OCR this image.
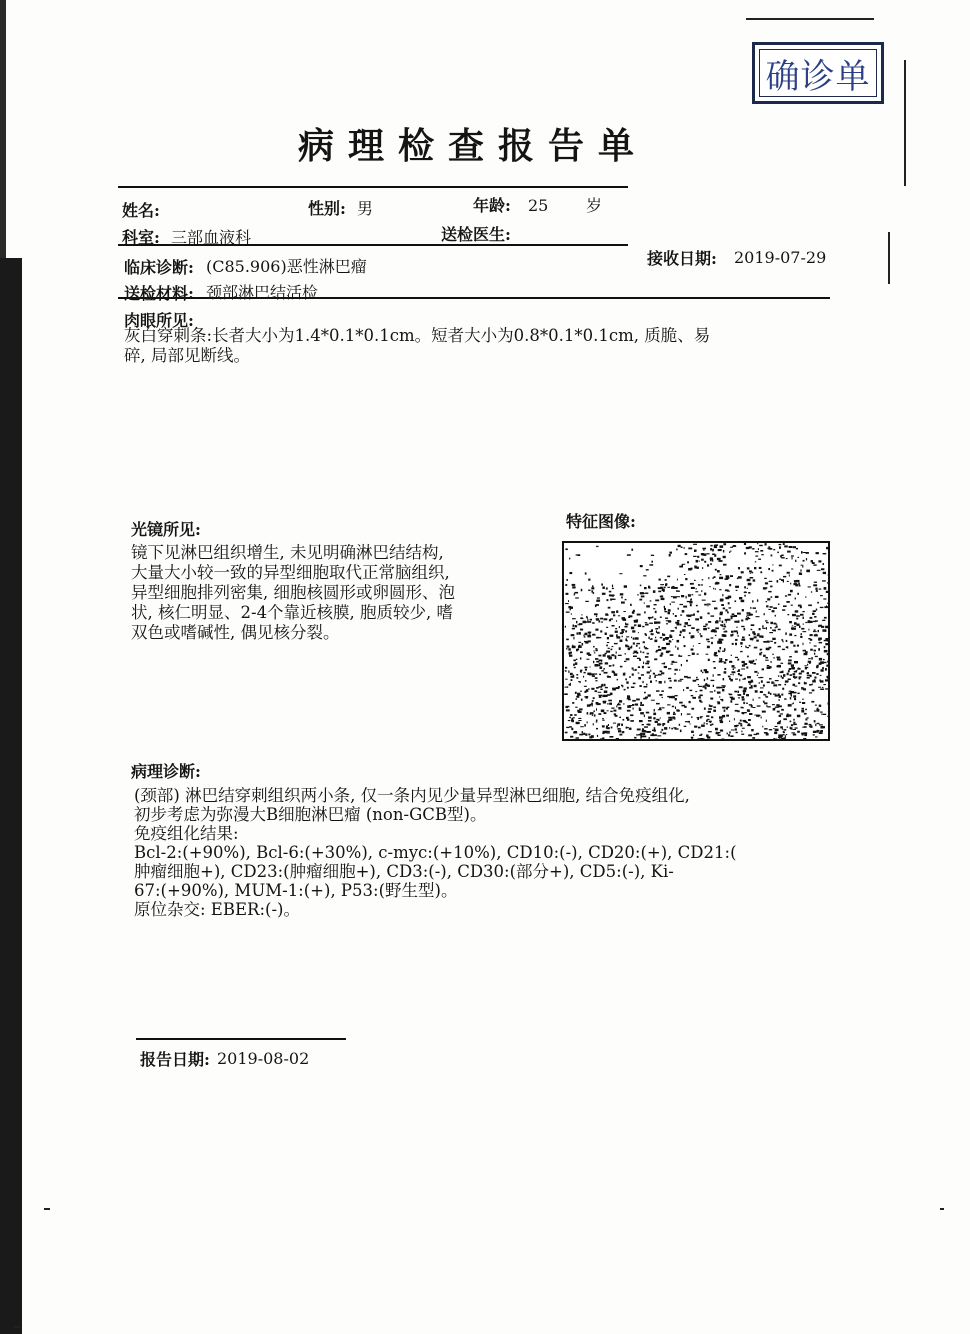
确诊单
病理检查报告单
姓名:	性别: 男	年龄: 25 岁
科室: 三部血液科	送检医生:
临床诊断: (C85.906)恶性淋巴瘤	接收日期: 2019-07-29
送检材料: 颈部淋巴结活检
肉眼所见:
灰白穿刺条:长者大小为1.4*0.1*0.1cm。短者大小为0.8*0.1*0.1cm, 质脆、易
碎, 局部见断线。
光镜所见:
镜下见淋巴组织增生, 未见明确淋巴结结构,
大量大小较一致的异型细胞取代正常脑组织,
异型细胞排列密集, 细胞核圆形或卵圆形、泡
状, 核仁明显、2-4个靠近核膜, 胞质较少, 嗜
双色或嗜碱性, 偶见核分裂。
特征图像:
病理诊断:
(颈部) 淋巴结穿刺组织两小条, 仅一条内见少量异型淋巴细胞, 结合免疫组化,
初步考虑为弥漫大B细胞淋巴瘤 (non-GCB型)。
免疫组化结果:
Bcl-2:(+90%), Bcl-6:(+30%), c-myc:(+10%), CD10:(-), CD20:(+), CD21:(
肿瘤细胞+), CD23:(肿瘤细胞+), CD3:(-), CD30:(部分+), CD5:(-), Ki-
67:(+90%), MUM-1:(+), P53:(野生型)。
原位杂交: EBER:(-)。
报告日期: 2019-08-02
